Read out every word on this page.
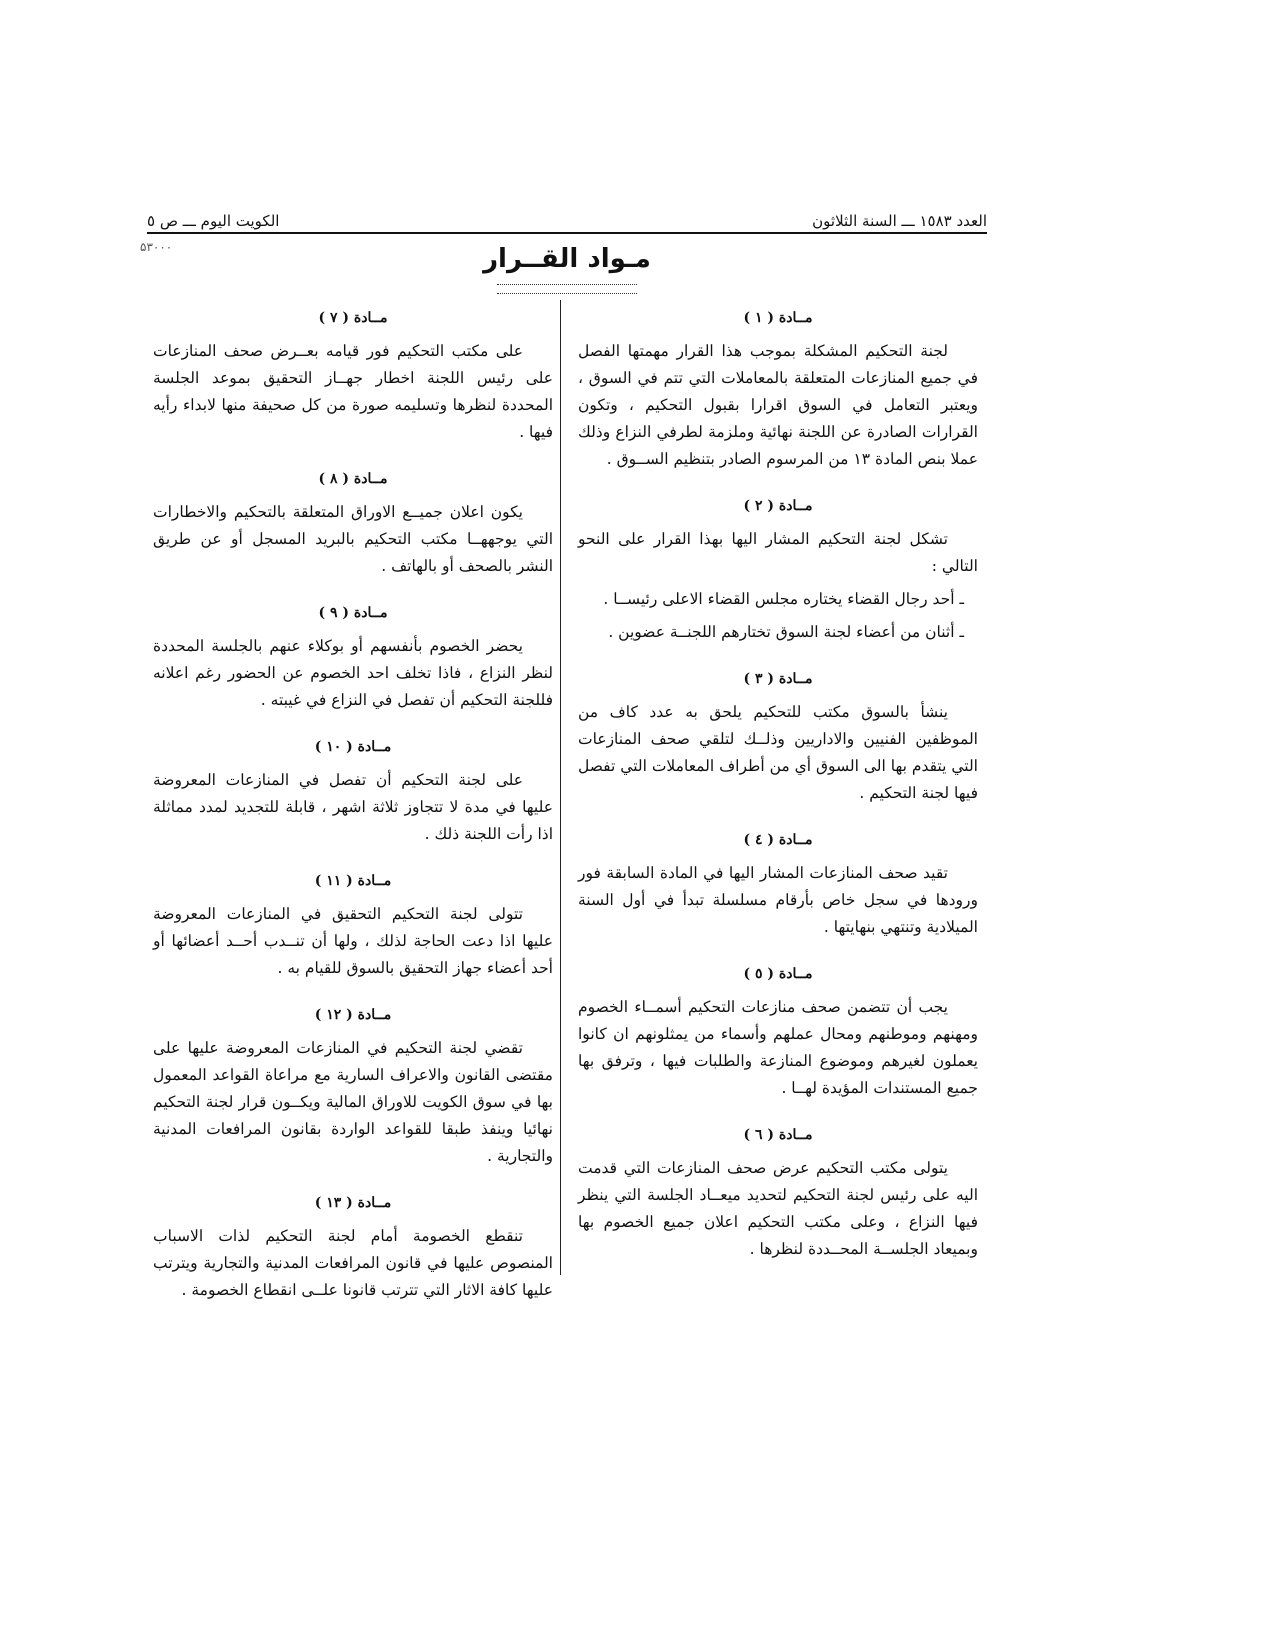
الكويت اليوم ـــ ص ٥	العدد ١٥٨٣ ـــ السنة الثلاثون
۵۳۰۰۰	مـواد القــرار
مــادة ( ١ )

لجنة التحكيم المشكلة بموجب هذا القرار مهمتها الفصل في جميع المنازعات المتعلقة بالمعاملات التي تتم في السوق ، ويعتبر التعامل في السوق اقرارا بقبول التحكيم ، وتكون القرارات الصادرة عن اللجنة نهائية وملزمة لطرفي النزاع وذلك عملا بنص المادة ١٣ من المرسوم الصادر بتنظيم الســوق .

مــادة ( ٢ )

تشكل لجنة التحكيم المشار اليها بهذا القرار على النحو التالي :

ـ أحد رجال القضاء يختاره مجلس القضاء الاعلى رئيســا .
ـ أثنان من أعضاء لجنة السوق تختارهم اللجنــة عضوين .
مــادة ( ٣ )

ينشأ بالسوق مكتب للتحكيم يلحق به عدد كاف من الموظفين الفنيين والاداريين وذلــك لتلقي صحف المنازعات التي يتقدم بها الى السوق أي من أطراف المعاملات التي تفصل فيها لجنة التحكيم .

مــادة ( ٤ )

تقيد صحف المنازعات المشار اليها في المادة السابقة فور ورودها في سجل خاص بأرقام مسلسلة تبدأ في أول السنة الميلادية وتنتهي بنهايتها .

مــادة ( ٥ )

يجب أن تتضمن صحف منازعات التحكيم أسمــاء الخصوم ومهنهم وموطنهم ومحال عملهم وأسماء من يمثلونهم ان كانوا يعملون لغيرهم وموضوع المنازعة والطلبات فيها ، وترفق بها جميع المستندات المؤيدة لهــا .

مــادة ( ٦ )

يتولى مكتب التحكيم عرض صحف المنازعات التي قدمت اليه على رئيس لجنة التحكيم لتحديد ميعــاد الجلسة التي ينظر فيها النزاع ، وعلى مكتب التحكيم اعلان جميع الخصوم بها وبميعاد الجلســة المحــددة لنظرها .

مــادة ( ٧ )

على مكتب التحكيم فور قيامه بعــرض صحف المنازعات على رئيس اللجنة اخطار جهــاز التحقيق بموعد الجلسة المحددة لنظرها وتسليمه صورة من كل صحيفة منها لابداء رأيه فيها .

مــادة ( ٨ )

يكون اعلان جميــع الاوراق المتعلقة بالتحكيم والاخطارات التي يوجههــا مكتب التحكيم بالبريد المسجل أو عن طريق النشر بالصحف أو بالهاتف .

مــادة ( ٩ )

يحضر الخصوم بأنفسهم أو بوكلاء عنهم بالجلسة المحددة لنظر النزاع ، فاذا تخلف احد الخصوم عن الحضور رغم اعلانه فللجنة التحكيم أن تفصل في النزاع في غيبته .

مــادة ( ١٠ )

على لجنة التحكيم أن تفصل في المنازعات المعروضة عليها في مدة لا تتجاوز ثلاثة اشهر ، قابلة للتجديد لمدد مماثلة اذا رأت اللجنة ذلك .

مــادة ( ١١ )

تتولى لجنة التحكيم التحقيق في المنازعات المعروضة عليها اذا دعت الحاجة لذلك ، ولها أن تنــدب أحــد أعضائها أو أحد أعضاء جهاز التحقيق بالسوق للقيام به .

مــادة ( ١٢ )

تقضي لجنة التحكيم في المنازعات المعروضة عليها على مقتضى القانون والاعراف السارية مع مراعاة القواعد المعمول بها في سوق الكويت للاوراق المالية ويكــون قرار لجنة التحكيم نهائيا وينفذ طبقا للقواعد الواردة بقانون المرافعات المدنية والتجارية .

مــادة ( ١٣ )

تنقطع الخصومة أمام لجنة التحكيم لذات الاسباب المنصوص عليها في قانون المرافعات المدنية والتجارية ويترتب عليها كافة الاثار التي تترتب قانونا علــى انقطاع الخصومة .
